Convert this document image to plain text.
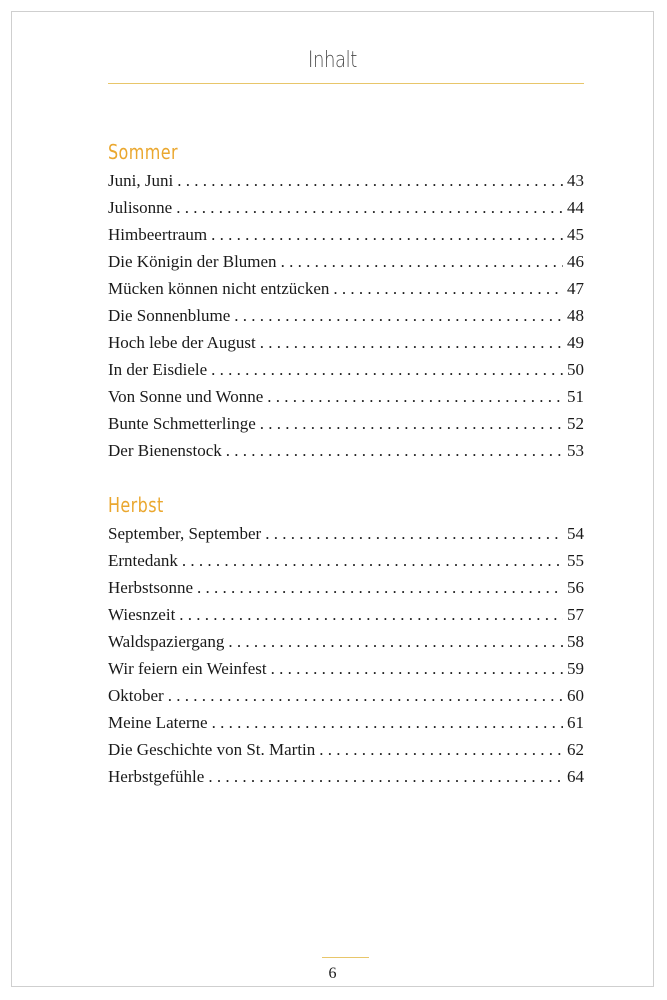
Inhalt
Sommer
Juni, Juni . . .	43
Julisonne . . .	44
Himbeertraum . . .	45
Die Königin der Blumen . . .	46
Mücken können nicht entzücken . . .	47
Die Sonnenblume . . .	48
Hoch lebe der August . . .	49
In der Eisdiele . . .	50
Von Sonne und Wonne . . .	51
Bunte Schmetterlinge . . .	52
Der Bienenstock . . .	53
Herbst
September, September . . .	54
Erntedank . . .	55
Herbstsonne . . .	56
Wiesnzeit . . .	57
Waldspaziergang . . .	58
Wir feiern ein Weinfest . . .	59
Oktober . . .	60
Meine Laterne . . .	61
Die Geschichte von St. Martin . . .	62
Herbstgefühle . . .	64
6
